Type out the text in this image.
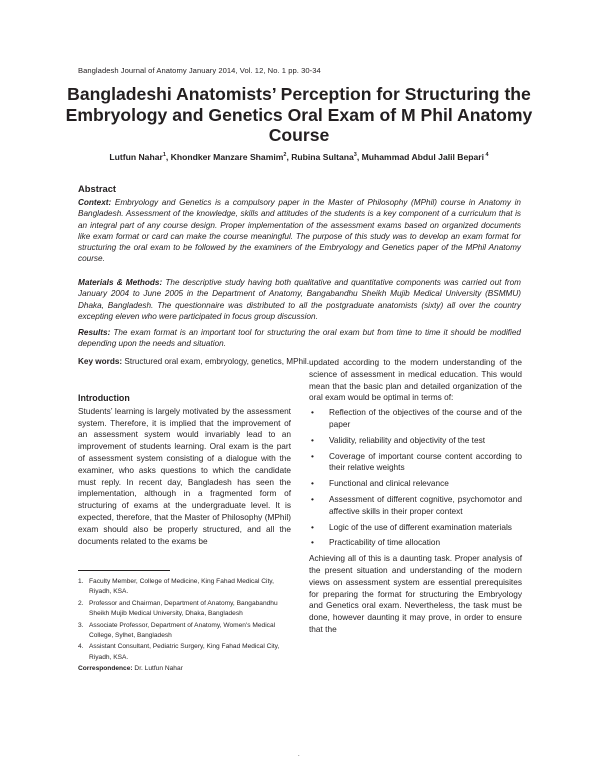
Bangladesh Journal of Anatomy January 2014, Vol. 12, No. 1 pp. 30-34
Bangladeshi Anatomists’ Perception for Structuring the Embryology and Genetics Oral Exam of M Phil Anatomy Course
Lutfun Nahar$^1$, Khondker Manzare Shamim$^2$, Rubina Sultana$^3$, Muhammad Abdul Jalil Bepari $^4$
Abstract
Context: Embryology and Genetics is a compulsory paper in the Master of Philosophy (MPhil) course in Anatomy in Bangladesh. Assessment of the knowledge, skills and attitudes of the students is a key component of a curriculum that is an integral part of any course design. Proper implementation of the assessment exams based on organized documents like exam format or card can make the course meaningful. The purpose of this study was to develop an exam format for structuring the oral exam to be followed by the examiners of the Embryology and Genetics paper of the MPhil Anatomy course.
Materials & Methods: The descriptive study having both qualitative and quantitative components was carried out from January 2004 to June 2005 in the Department of Anatomy, Bangabandhu Sheikh Mujib Medical University (BSMMU) Dhaka, Bangladesh. The questionnaire was distributed to all the postgraduate anatomists (sixty) all over the country excepting eleven who were participated in focus group discussion.
Results: The exam format is an important tool for structuring the oral exam but from time to time it should be modified depending upon the needs and situation.
Key words: Structured oral exam, embryology, genetics, MPhil.
Introduction

Students’ learning is largely motivated by the assessment system. Therefore, it is implied that the improvement of an assessment system would invariably lead to an improvement of students learning. Oral exam is the part of assessment system consisting of a dialogue with the examiner, who asks questions to which the candidate must reply. In recent day, Bangladesh has seen the implementation, although in a fragmented form of structuring of exams at the undergraduate level. It is expected, therefore, that the Master of Philosophy (MPhil) exam should also be properly structured, and all the documents related to the exams be

1. Faculty Member, College of Medicine, King Fahad Medical City, Riyadh, KSA.
2. Professor and Chairman, Department of Anatomy, Bangabandhu Sheikh Mujib Medical University, Dhaka, Bangladesh
3. Associate Professor, Department of Anatomy, Women's Medical College, Sylhet, Bangladesh
4. Assistant Consultant, Pediatric Surgery, King Fahad Medical City, Riyadh, KSA.
Correspondence: Dr. Lutfun Nahar

updated according to the modern understanding of the science of assessment in medical education. This would mean that the basic plan and detailed organization of the oral exam would be optimal in terms of:

•	Reflection of the objectives of the course and of the paper
•	Validity, reliability and objectivity of the test
•	Coverage of important course content according to their relative weights
•	Functional and clinical relevance
•	Assessment of different cognitive, psychomotor and affective skills in their proper context
•	Logic of the use of different examination materials
•	Practicability of time allocation

Achieving all of this is a daunting task. Proper analysis of the present situation and understanding of the modern views on assessment system are essential prerequisites for preparing the format for structuring the Embryology and Genetics oral exam. Nevertheless, the task must be done, however daunting it may prove, in order to ensure that the

.
